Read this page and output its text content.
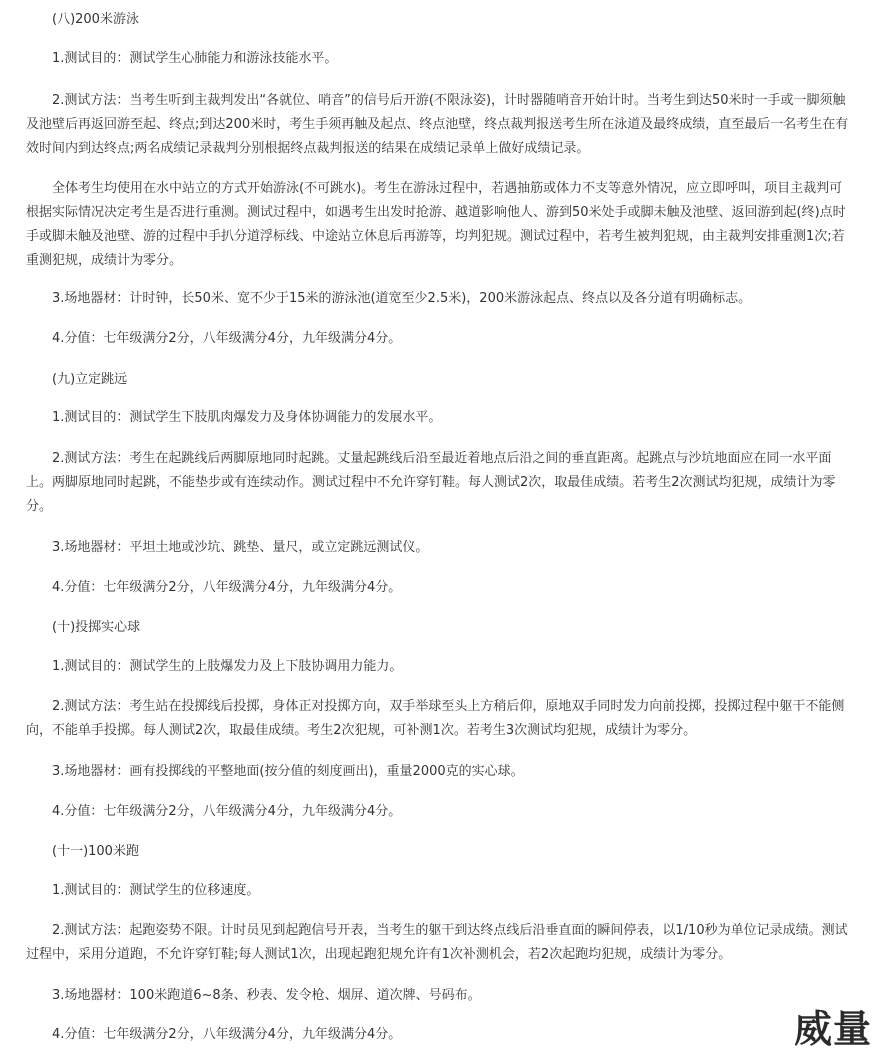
(八)200米游泳

1.测试目的：测试学生心肺能力和游泳技能水平。

2.测试方法：当考生听到主裁判发出“各就位、哨音”的信号后开游(不限泳姿)，计时器随哨音开始计时。当考生到达50米时一手或一脚须触及池壁后再返回游至起、终点;到达200米时，考生手须再触及起点、终点池壁，终点裁判报送考生所在泳道及最终成绩，直至最后一名考生在有效时间内到达终点;两名成绩记录裁判分别根据终点裁判报送的结果在成绩记录单上做好成绩记录。

全体考生均使用在水中站立的方式开始游泳(不可跳水)。考生在游泳过程中，若遇抽筋或体力不支等意外情况，应立即呼叫，项目主裁判可根据实际情况决定考生是否进行重测。测试过程中，如遇考生出发时抢游、越道影响他人、游到50米处手或脚未触及池壁、返回游到起(终)点时手或脚未触及池壁、游的过程中手扒分道浮标线、中途站立休息后再游等，均判犯规。测试过程中，若考生被判犯规，由主裁判安排重测1次;若重测犯规，成绩计为零分。

3.场地器材：计时钟，长50米、宽不少于15米的游泳池(道宽至少2.5米)，200米游泳起点、终点以及各分道有明确标志。

4.分值：七年级满分2分，八年级满分4分，九年级满分4分。

(九)立定跳远

1.测试目的：测试学生下肢肌肉爆发力及身体协调能力的发展水平。

2.测试方法：考生在起跳线后两脚原地同时起跳。丈量起跳线后沿至最近着地点后沿之间的垂直距离。起跳点与沙坑地面应在同一水平面上。两脚原地同时起跳，不能垫步或有连续动作。测试过程中不允许穿钉鞋。每人测试2次，取最佳成绩。若考生2次测试均犯规，成绩计为零分。

3.场地器材：平坦土地或沙坑、跳垫、量尺，或立定跳远测试仪。

4.分值：七年级满分2分，八年级满分4分，九年级满分4分。

(十)投掷实心球

1.测试目的：测试学生的上肢爆发力及上下肢协调用力能力。

2.测试方法：考生站在投掷线后投掷，身体正对投掷方向，双手举球至头上方稍后仰，原地双手同时发力向前投掷，投掷过程中躯干不能侧向，不能单手投掷。每人测试2次，取最佳成绩。考生2次犯规，可补测1次。若考生3次测试均犯规，成绩计为零分。

3.场地器材：画有投掷线的平整地面(按分值的刻度画出)，重量2000克的实心球。

4.分值：七年级满分2分，八年级满分4分，九年级满分4分。

(十一)100米跑

1.测试目的：测试学生的位移速度。

2.测试方法：起跑姿势不限。计时员见到起跑信号开表，当考生的躯干到达终点线后沿垂直面的瞬间停表，以1/10秒为单位记录成绩。测试过程中，采用分道跑，不允许穿钉鞋;每人测试1次，出现起跑犯规允许有1次补测机会，若2次起跑均犯规，成绩计为零分。

3.场地器材：100米跑道6~8条、秒表、发令枪、烟屏、道次牌、号码布。

4.分值：七年级满分2分，八年级满分4分，九年级满分4分。	威量
